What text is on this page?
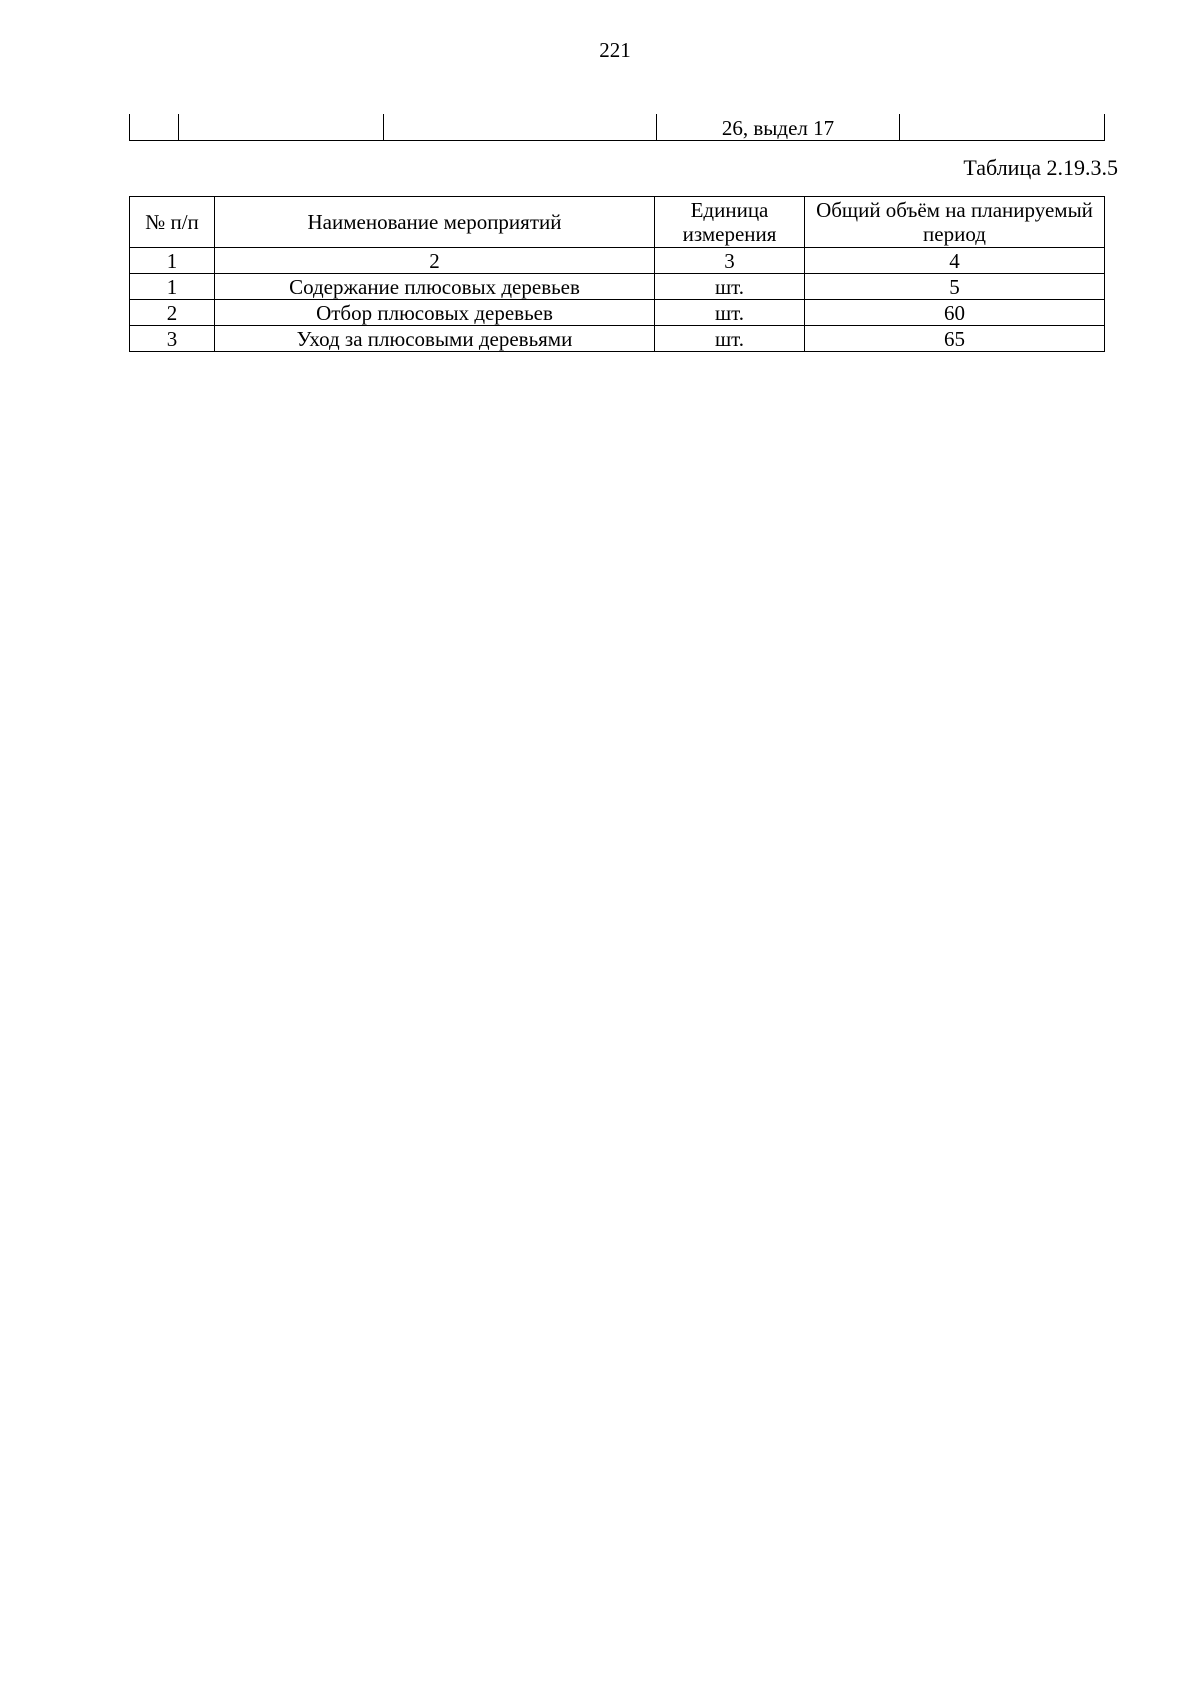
221
			26, выдел 17	
Таблица 2.19.3.5
№ п/п	Наименование мероприятий	Единица измерения	Общий объём на планируемый период
1	2	3	4
1	Содержание плюсовых деревьев	шт.	5
2	Отбор плюсовых деревьев	шт.	60
3	Уход за плюсовыми деревьями	шт.	65
